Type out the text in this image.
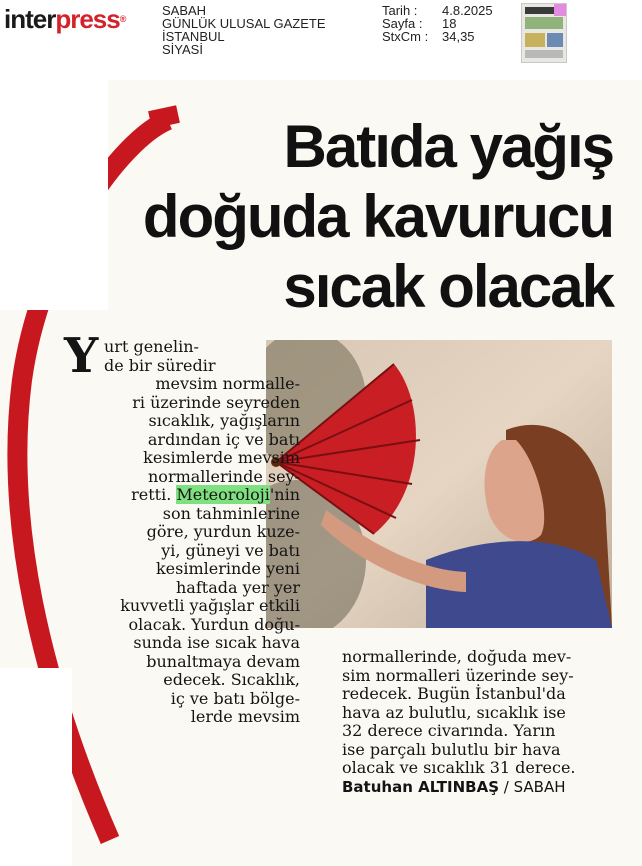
interpress®
SABAH
GÜNLÜK ULUSAL GAZETE
İSTANBUL
SİYASİ
Tarih :
Sayfa :
StxCm :
4.8.2025
18
34,35
Batıda yağış
doğuda kavurucu
sıcak olacak
Y urt genelin-
de bir süredir
mevsim normalle-
ri üzerinde seyreden
sıcaklık, yağışların
ardından iç ve batı
kesimlerde mevsim
normallerinde sey-
retti. Meteoroloji'nin
son tahminlerine
göre, yurdun kuze-
yi, güneyi ve batı
kesimlerinde yeni
haftada yer yer
kuvvetli yağışlar etkili
olacak. Yurdun doğu-
sunda ise sıcak hava
bunaltmaya devam
edecek. Sıcaklık,
iç ve batı bölge-
lerde mevsim
normallerinde, doğuda mev-
sim normalleri üzerinde sey-
redecek. Bugün İstanbul'da
hava az bulutlu, sıcaklık ise
32 derece civarında. Yarın
ise parçalı bulutlu bir hava
olacak ve sıcaklık 31 derece.
Batuhan ALTINBAŞ / SABAH
